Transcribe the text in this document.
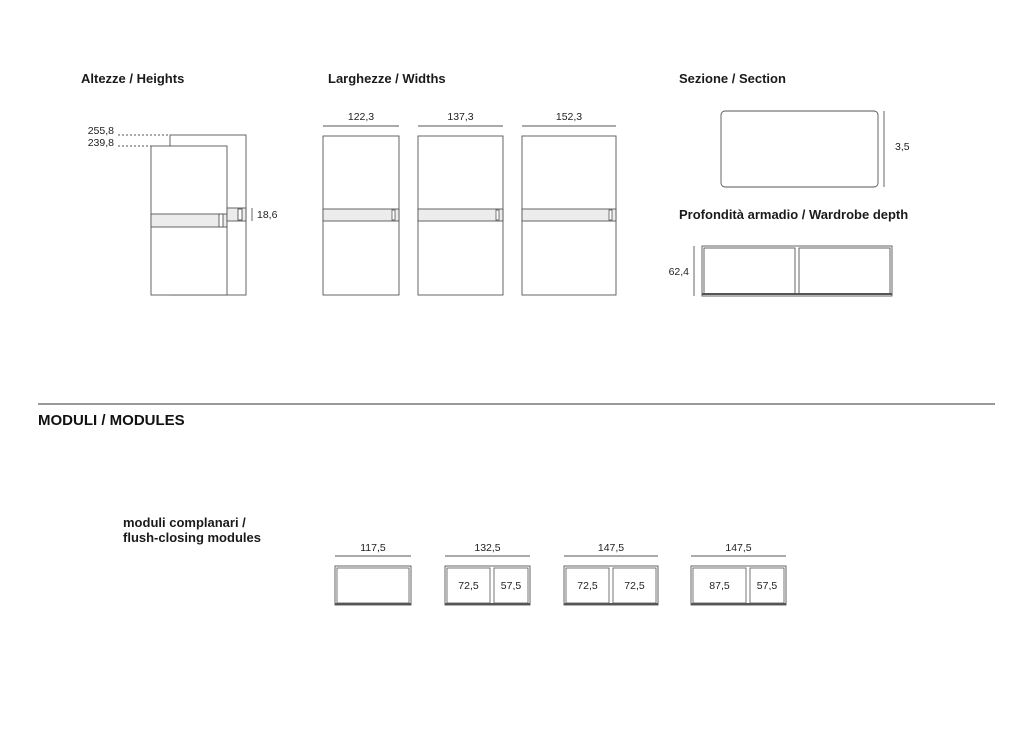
Altezze / Heights	Larghezze / Widths	Sezione / Section
Profondità armadio / Wardrobe depth
MODULI / MODULES
moduli complanari /
flush-closing modules
255,8
239,8
18,6
122,3	137,3	152,3
3,5
62,4
117,5	132,5
72,5 57,5
147,5
72,5	72,5
147,5
87,5	57,5
